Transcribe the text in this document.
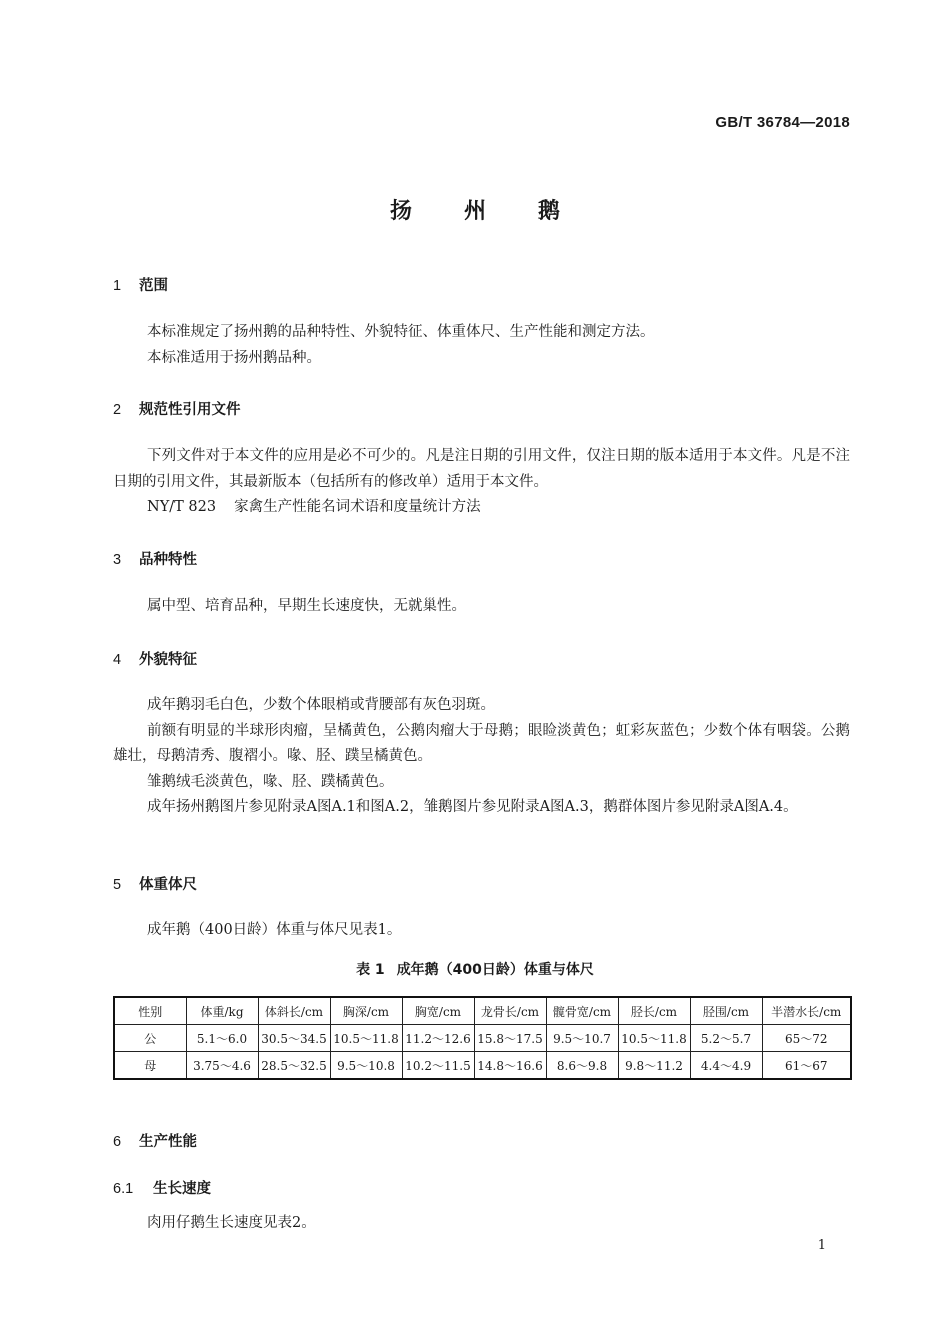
GB/T 36784—2018
扬 州 鹅
1 范围

本标准规定了扬州鹅的品种特性、外貌特征、体重体尺、生产性能和测定方法。

本标准适用于扬州鹅品种。

2 规范性引用文件

下列文件对于本文件的应用是必不可少的。凡是注日期的引用文件，仅注日期的版本适用于本文件。凡是不注日期的引用文件，其最新版本（包括所有的修改单）适用于本文件。

NY/T 823 家禽生产性能名词术语和度量统计方法

3 品种特性

属中型、培育品种，早期生长速度快，无就巢性。

4 外貌特征

成年鹅羽毛白色，少数个体眼梢或背腰部有灰色羽斑。

前额有明显的半球形肉瘤，呈橘黄色，公鹅肉瘤大于母鹅；眼睑淡黄色；虹彩灰蓝色；少数个体有咽袋。公鹅雄壮，母鹅清秀、腹褶小。喙、胫、蹼呈橘黄色。

雏鹅绒毛淡黄色，喙、胫、蹼橘黄色。

成年扬州鹅图片参见附录A图A.1和图A.2，雏鹅图片参见附录A图A.3，鹅群体图片参见附录A图A.4。

5 体重体尺

成年鹅（400日龄）体重与体尺见表1。

表 1 成年鹅（400日龄）体重与体尺
性别	体重/kg	体斜长/cm	胸深/cm	胸宽/cm	龙骨长/cm	髋骨宽/cm	胫长/cm	胫围/cm	半潜水长/cm
公	5.1～6.0	30.5～34.5	10.5～11.8	11.2～12.6	15.8～17.5	9.5～10.7	10.5～11.8	5.2～5.7	65～72
母	3.75～4.6	28.5～32.5	9.5～10.8	10.2～11.5	14.8～16.6	8.6～9.8	9.8～11.2	4.4～4.9	61～67
6 生产性能
6.1 生长速度

肉用仔鹅生长速度见表2。

1
